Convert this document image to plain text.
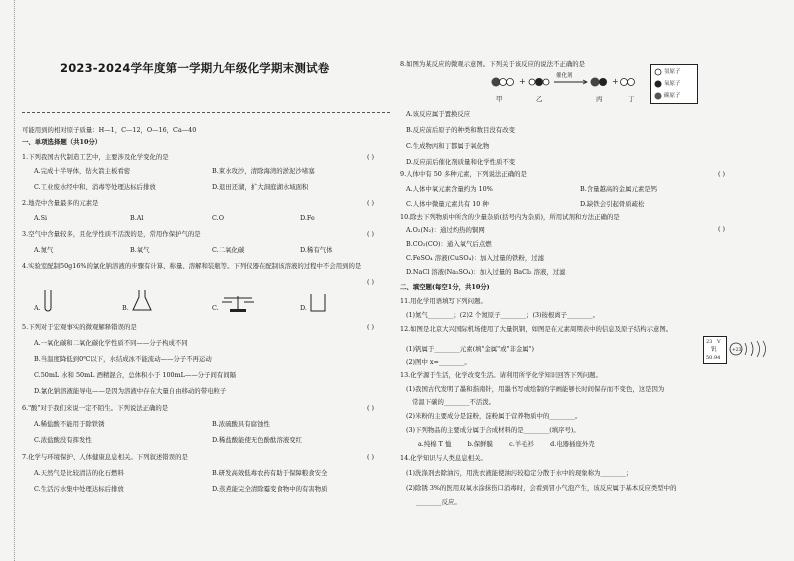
2023-2024学年度第一学期九年级化学期末测试卷
可能用到的相对原子质量：H—1，C—12，O—16，Ca—40
一、单项选择题（共10分）
1.下列我国古代制造工艺中，主要涉及化学变化的是	( )
A.完成十半导体，钻火箭主板看密	B.束水攻沙，清除海湾的淤泥沙堵塞
C.工业废水经中和、消毒等处理达标后排放	D.退田还湖，扩大洞庭湖水域面积
2.地壳中含量最多的元素是	( )
A.Si	B.Al	C.O	D.Fe
3.空气中含量较多，且化学性质不活泼的是，常用作保护气的是	( )
A.氮气	B.氧气	C.二氧化碳	D.稀有气体
4.实验室配制50g16%的氯化钠溶液的步骤有计算、称量、溶解和装瓶等。下列仪器在配制该溶液的过程中不会用到的是
( )
A.	B.	C.	D.
5.下列对于宏观事实的微观解释错误的是	( )
A.一氧化碳和二氧化碳化学性质不同——分子构成不同
B.当温度降低到0℃以下，水结成冰不能流动——分子不再运动
C.50mL 水和 50mL 酒精混合，总体积小于 100mL——分子间有间隔
D.氯化钠溶液能导电——是因为溶液中存在大量自由移动的带电粒子
6."酸"对于我们来说一定不陌生。下列说法正确的是	( )
A.稀盐酸不能用于除铁锈	B.浓硫酸具有腐蚀性
C.浓盐酸没有挥发性	D.稀盐酸能使无色酚酞溶液变红
7.化学与环境保护、人体健康息息相关。下列叙述错误的是	( )
A.天然气是比较清洁的化石燃料	B.研发高效低毒农药有助于保障粮食安全
C.生活污水集中处理达标后排放	D.蒸煮能完全清除霉变食物中的有害物质
8.如图为某反应的微观示意图。下列关于该反应的说法不正确的是
+	+
催化剂
甲	乙	丙	丁
氢原子
氧原子
碳原子
A.该反应属于置换反应
B.反应前后原子的种类和数目没有改变
C.生成物丙和丁都属于氧化物
D.反应前后催化剂质量和化学性质不变
9.人体中有 50 多种元素，下列说法正确的是	( )
A.人体中氧元素含量约为 10%	B.含量越高的金属元素是钙
C.人体中微量元素共有 10 种	D.缺铁会引起骨质疏松
10.除去下列物质中所含的少量杂质(括号内为杂质)，所用试剂和方法正确的是
( )
A.O₂(N₂)：通过灼热的铜网
B.CO₂(CO)：通入氧气后点燃
C.FeSO₄ 溶液(CuSO₄)：加入过量的铁粉，过滤
D.NaCl 溶液(Na₂SO₄)：加入过量的 BaCl₂ 溶液，过滤
二、填空题(每空1分，共10分)
11.用化学用语填写下列问题。
(1)氮气________；(2)2 个氮原子________；(3)铵根离子________。
12.如图是北京大兴国际机场使用了大量钒钢，如图是在元素周期表中的信息及原子结构示意图。
(1)钒属于________元素(填"金属"或"非金属")
(2)图中 x=________。
23 V
钒
50.94
+23
13.化学源于生活，化学改变生活。请利用所学化学知识回答下列问题。
(1)我国古代发明了墨和指南针，用墨书写或绘制的字画能够长时间保存而不变色，这是因为
常温下碳的________不活泼。
(2)米粉的主要成分是淀粉，淀粉属于营养物质中的________。
(3)下列物品的主要成分属于合成材料的是________(填序号)。
a.纯棉 T 恤        b.保鲜膜        c.羊毛衫        d.电器插座外壳
14.化学知识与人类息息相关。
(1)洗涤剂去除油污，用洗衣液能使油污较稳定分散于水中的现象称为________；
(2)除锈 3%的医用双氧水涂抹伤口消毒时，会看到冒小气泡产生，该反应属于基本反应类型中的
________反应。
